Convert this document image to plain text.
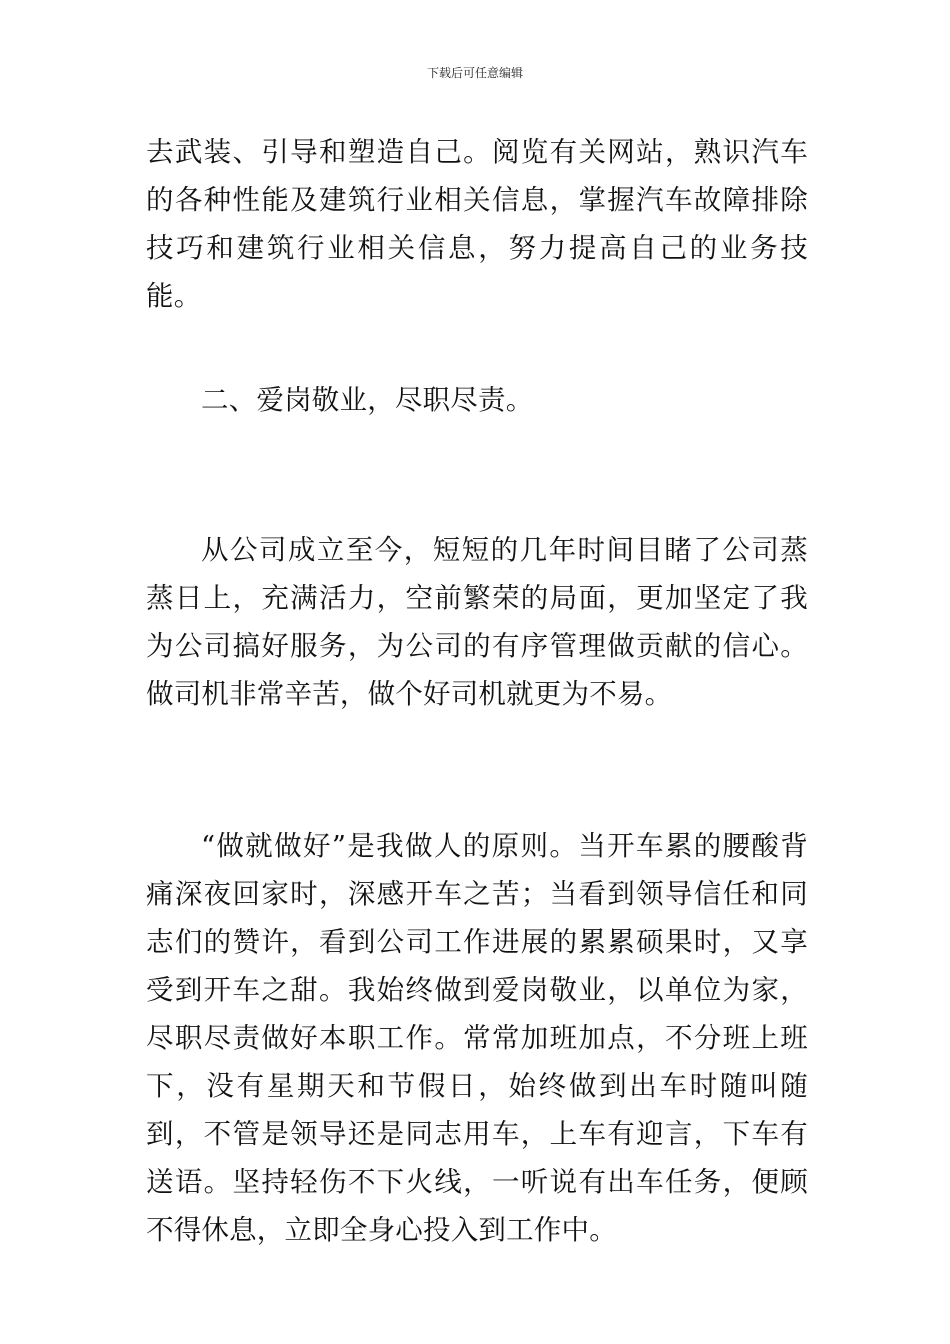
下载后可任意编辑

去武装、引导和塑造自己。阅览有关网站，熟识汽车的各种性能及建筑行业相关信息，掌握汽车故障排除技巧和建筑行业相关信息，努力提高自己的业务技能。

二、爱岗敬业，尽职尽责。

从公司成立至今，短短的几年时间目睹了公司蒸蒸日上，充满活力，空前繁荣的局面，更加坚定了我为公司搞好服务，为公司的有序管理做贡献的信心。做司机非常辛苦，做个好司机就更为不易。

“做就做好”是我做人的原则。当开车累的腰酸背痛深夜回家时，深感开车之苦；当看到领导信任和同志们的赞许，看到公司工作进展的累累硕果时，又享受到开车之甜。我始终做到爱岗敬业，以单位为家，尽职尽责做好本职工作。常常加班加点，不分班上班下，没有星期天和节假日，始终做到出车时随叫随到，不管是领导还是同志用车，上车有迎言，下车有送语。坚持轻伤不下火线，一听说有出车任务，便顾不得休息，立即全身心投入到工作中。
